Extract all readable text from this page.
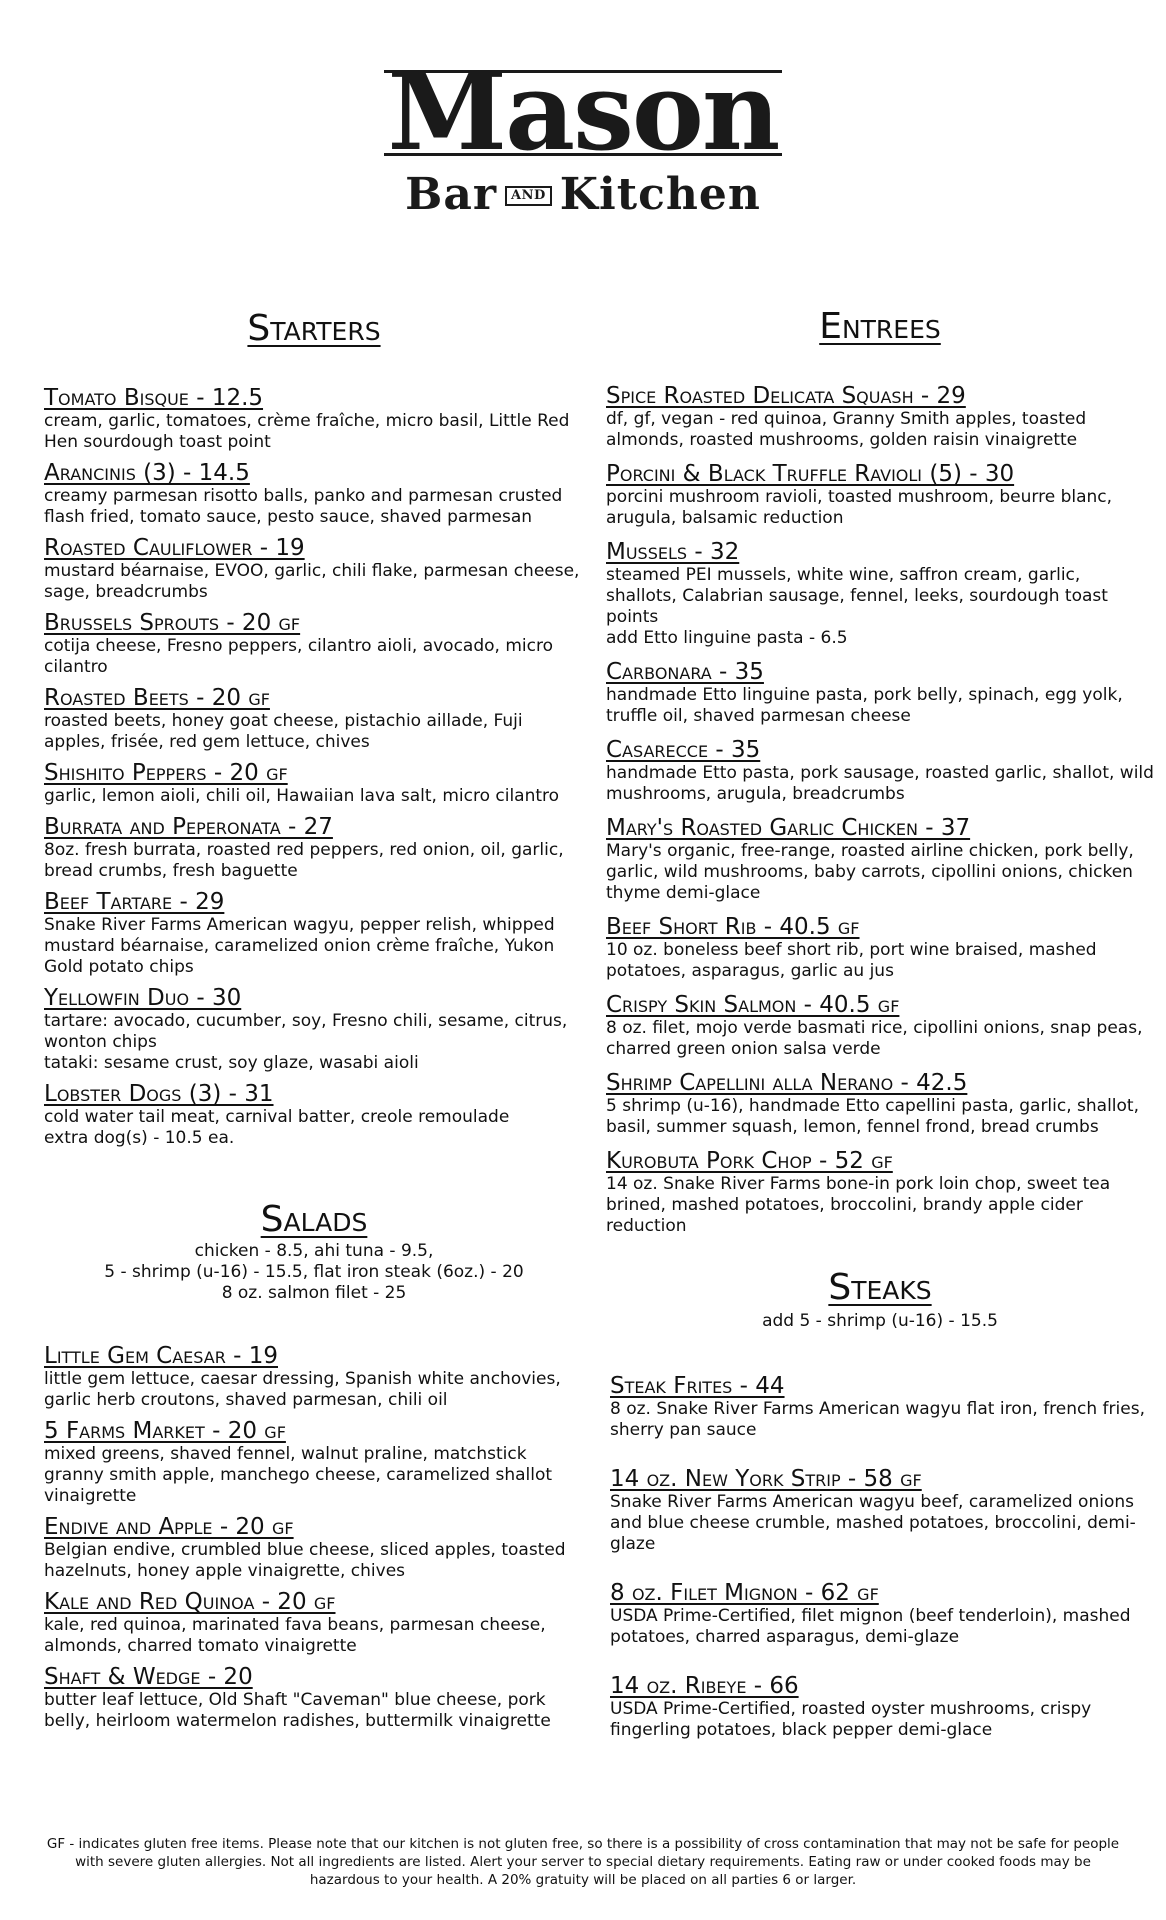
Mason
Bar	AND Kitchen
Starters
Tomato Bisque - 12.5
cream, garlic, tomatoes, crème fraîche, micro basil, Little Red Hen sourdough toast point
Arancinis (3) - 14.5
creamy parmesan risotto balls, panko and parmesan crusted flash fried, tomato sauce, pesto sauce, shaved parmesan
Roasted Cauliflower - 19
mustard béarnaise, EVOO, garlic, chili flake, parmesan cheese, sage, breadcrumbs
Brussels Sprouts - 20 gf
cotija cheese, Fresno peppers, cilantro aioli, avocado, micro cilantro
Roasted Beets - 20 gf
roasted beets, honey goat cheese, pistachio aillade, Fuji apples, frisée, red gem lettuce, chives
Shishito Peppers - 20 gf
garlic, lemon aioli, chili oil, Hawaiian lava salt, micro cilantro
Burrata and Peperonata - 27
8oz. fresh burrata, roasted red peppers, red onion, oil, garlic, bread crumbs, fresh baguette
Beef Tartare - 29
Snake River Farms American wagyu, pepper relish, whipped mustard béarnaise, caramelized onion crème fraîche, Yukon Gold potato chips
Yellowfin Duo - 30
tartare: avocado, cucumber, soy, Fresno chili, sesame, citrus, wonton chips
tataki: sesame crust, soy glaze, wasabi aioli
Lobster Dogs (3) - 31
cold water tail meat, carnival batter, creole remoulade
extra dog(s) - 10.5 ea.
Salads
chicken - 8.5, ahi tuna - 9.5,
5 - shrimp (u-16) - 15.5, flat iron steak (6oz.) - 20
8 oz. salmon filet - 25
Little Gem Caesar - 19
little gem lettuce, caesar dressing, Spanish white anchovies, garlic herb croutons, shaved parmesan, chili oil
5 Farms Market - 20 gf
mixed greens, shaved fennel, walnut praline, matchstick granny smith apple, manchego cheese, caramelized shallot vinaigrette
Endive and Apple - 20 gf
Belgian endive, crumbled blue cheese, sliced apples, toasted hazelnuts, honey apple vinaigrette, chives
Kale and Red Quinoa - 20 gf
kale, red quinoa, marinated fava beans, parmesan cheese, almonds, charred tomato vinaigrette
Shaft & Wedge - 20
butter leaf lettuce, Old Shaft "Caveman" blue cheese, pork belly, heirloom watermelon radishes, buttermilk vinaigrette
Entrees
Spice Roasted Delicata Squash - 29
df, gf, vegan - red quinoa, Granny Smith apples, toasted almonds, roasted mushrooms, golden raisin vinaigrette
Porcini & Black Truffle Ravioli (5) - 30
porcini mushroom ravioli, toasted mushroom, beurre blanc, arugula, balsamic reduction
Mussels - 32
steamed PEI mussels, white wine, saffron cream, garlic, shallots, Calabrian sausage, fennel, leeks, sourdough toast points
add Etto linguine pasta - 6.5
Carbonara - 35
handmade Etto linguine pasta, pork belly, spinach, egg yolk, truffle oil, shaved parmesan cheese
Casarecce - 35
handmade Etto pasta, pork sausage, roasted garlic, shallot, wild mushrooms, arugula, breadcrumbs
Mary's Roasted Garlic Chicken - 37
Mary's organic, free-range, roasted airline chicken, pork belly, garlic, wild mushrooms, baby carrots, cipollini onions, chicken thyme demi-glace
Beef Short Rib - 40.5 gf
10 oz. boneless beef short rib, port wine braised, mashed potatoes, asparagus, garlic au jus
Crispy Skin Salmon - 40.5 gf
8 oz. filet, mojo verde basmati rice, cipollini onions, snap peas, charred green onion salsa verde
Shrimp Capellini alla Nerano - 42.5
5 shrimp (u-16), handmade Etto capellini pasta, garlic, shallot, basil, summer squash, lemon, fennel frond, bread crumbs
Kurobuta Pork Chop - 52 gf
14 oz. Snake River Farms bone-in pork loin chop, sweet tea brined, mashed potatoes, broccolini, brandy apple cider reduction
Steaks
add 5 - shrimp (u-16) - 15.5
Steak Frites - 44
8 oz. Snake River Farms American wagyu flat iron, french fries, sherry pan sauce
14 oz. New York Strip - 58 gf
Snake River Farms American wagyu beef, caramelized onions and blue cheese crumble, mashed potatoes, broccolini, demi-glaze
8 oz. Filet Mignon - 62 gf
USDA Prime-Certified, filet mignon (beef tenderloin), mashed potatoes, charred asparagus, demi-glaze
14 oz. Ribeye - 66
USDA Prime-Certified, roasted oyster mushrooms, crispy fingerling potatoes, black pepper demi-glace
GF - indicates gluten free items. Please note that our kitchen is not gluten free, so there is a possibility of cross contamination that may not be safe for people with severe gluten allergies. Not all ingredients are listed. Alert your server to special dietary requirements. Eating raw or under cooked foods may be hazardous to your health. A 20% gratuity will be placed on all parties 6 or larger.
